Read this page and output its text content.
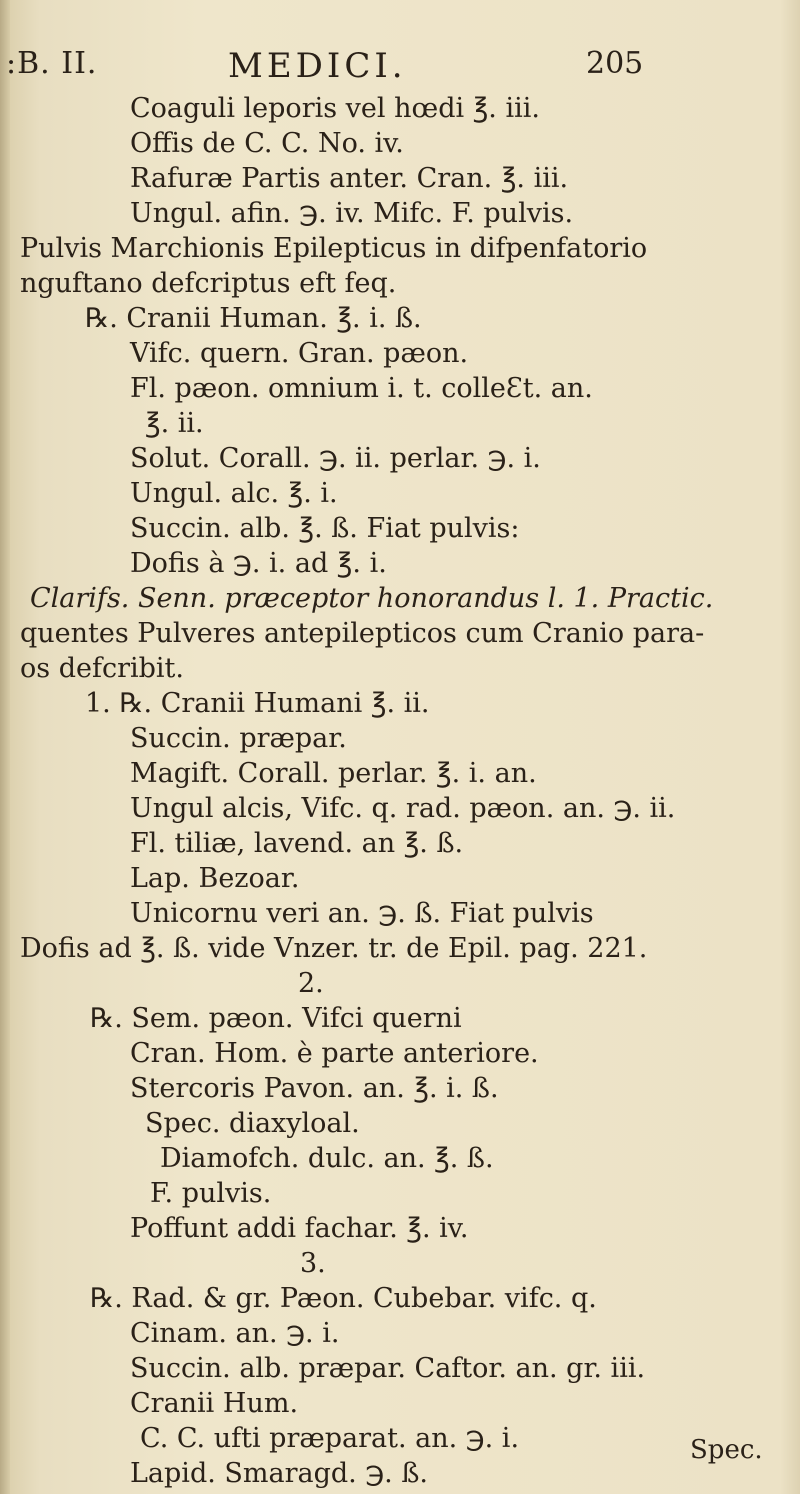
:B. II.	MEDICI.	205
Coaguli leporis vel hœdi ℥. iii.
Offis de C. C. No. iv.
Rafuræ Partis anter. Cran. ℥. iii.
Ungul. afin. ℈. iv. Mifc. F. pulvis.
Pulvis Marchionis Epilepticus in difpenfatorio
nguftano defcriptus eft feq.
℞. Cranii Human. ℥. i. ß.
Vifc. quern. Gran. pæon.
Fl. pæon. omnium i. t. colleƐt. an.
℥. ii.
Solut. Corall. ℈. ii. perlar. ℈. i.
Ungul. alc. ℥. i.
Succin. alb. ℥. ß. Fiat pulvis:
Dofis à ℈. i. ad ℥. i.
Clarifs. Senn. præceptor honorandus l. 1. Practic.
quentes Pulveres antepilepticos cum Cranio para-
os defcribit.
1. ℞. Cranii Humani ℥. ii.
Succin. præpar.
Magift. Corall. perlar. ℥. i. an.
Ungul alcis, Vifc. q. rad. pæon. an. ℈. ii.
Fl. tiliæ, lavend. an ℥. ß.
Lap. Bezoar.
Unicornu veri an. ℈. ß. Fiat pulvis
Dofis ad ℥. ß. vide Vnzer. tr. de Epil. pag. 221.
2.
℞. Sem. pæon. Vifci querni
Cran. Hom. è parte anteriore.
Stercoris Pavon. an. ℥. i. ß.
Spec. diaxyloal.
Diamofch. dulc. an. ℥. ß.
F. pulvis.
Poffunt addi fachar. ℥. iv.
3.
℞. Rad. & gr. Pæon. Cubebar. vifc. q.
Cinam. an. ℈. i.
Succin. alb. præpar. Caftor. an. gr. iii.
Cranii Hum.
C. C. ufti præparat. an. ℈. i.
Lapid. Smaragd. ℈. ß.
Spec.
